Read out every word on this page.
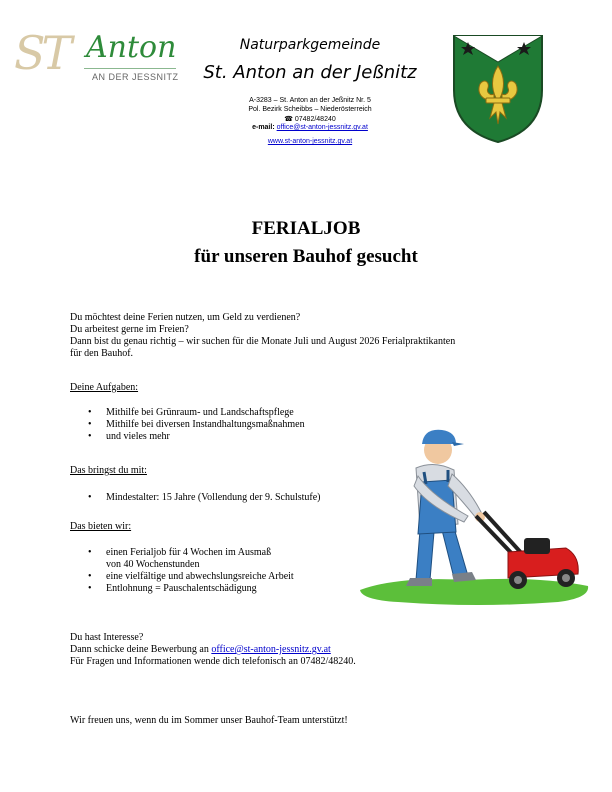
ST Anton
AN DER JESSNITZ
Naturparkgemeinde
St. Anton an der Jeßnitz
A-3283 – St. Anton an der Jeßnitz Nr. 5
Pol. Bezirk Scheibbs – Niederösterreich
☎ 07482/48240
e-mail: office@st-anton-jessnitz.gv.at
www.st-anton-jessnitz.gv.at
FERIALJOB
für unseren Bauhof gesucht

Du möchtest deine Ferien nutzen, um Geld zu verdienen?

Du arbeitest gerne im Freien?

Dann bist du genau richtig – wir suchen für die Monate Juli und August 2026 Ferialpraktikanten

für den Bauhof.

Deine Aufgaben:
• Mithilfe bei Grünraum- und Landschaftspflege
• Mithilfe bei diversen Instandhaltungsmaßnahmen
• und vieles mehr
Das bringst du mit:
• Mindestalter: 15 Jahre (Vollendung der 9. Schulstufe)
Das bieten wir:
• einen Ferialjob für 4 Wochen im Ausmaß
von 40 Wochenstunden
• eine vielfältige und abwechslungsreiche Arbeit
• Entlohnung = Pauschalentschädigung

Du hast Interesse?

Dann schicke deine Bewerbung an office@st-anton-jessnitz.gv.at

Für Fragen und Informationen wende dich telefonisch an 07482/48240.

Wir freuen uns, wenn du im Sommer unser Bauhof-Team unterstützt!
